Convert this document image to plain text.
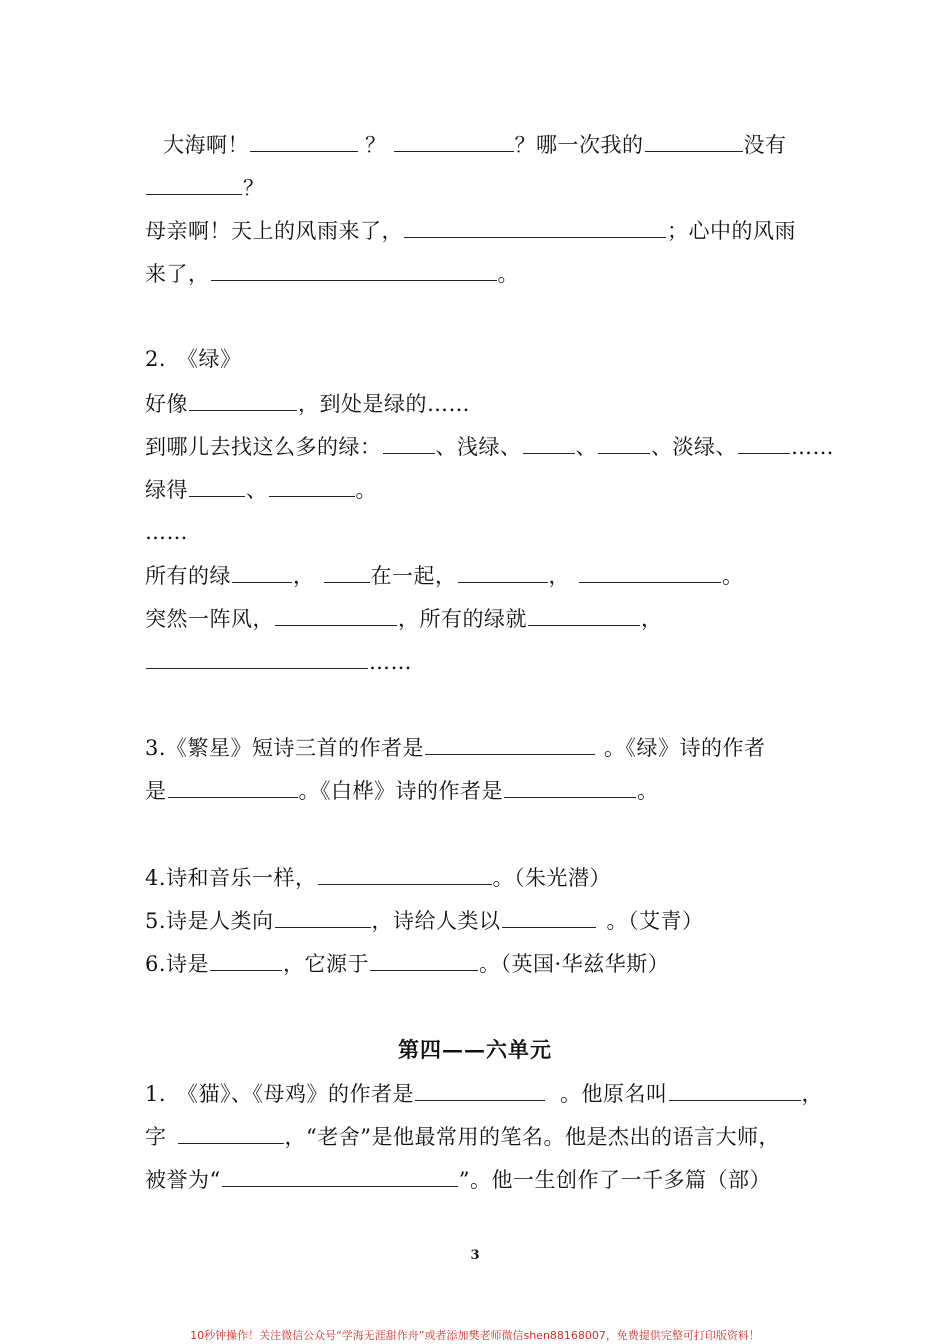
大海啊！	？	？哪一次我的	没有
？
母亲啊！天上的风雨来了，	；心中的风雨
来了，	。
2.　《绿》
好像	，到处是绿的……
到哪儿去找这么多的绿：	、浅绿、	、	、淡绿、	……
绿得	、	。
……
所有的绿	，	在一起，	，	。
突然一阵风，	，所有的绿就	，
……
3.《繁星》短诗三首的作者是	。《绿》诗的作者
是	。《白桦》诗的作者是	。
4.诗和音乐一样，	。（朱光潜）
5.诗是人类向	，诗给人类以	。（艾青）
6.诗是	，它源于	。（英国·华兹华斯）
第四——六单元
1.　《猫》、《母鸡》的作者是	。他原名叫	，
字	，“老舍”是他最常用的笔名。他是杰出的语言大师，
被誉为“	”。他一生创作了一千多篇（部）
3
10秒钟操作！关注微信公众号“学海无涯甜作舟”或者添加樊老师微信shen88168007，免费提供完整可打印版资料！
